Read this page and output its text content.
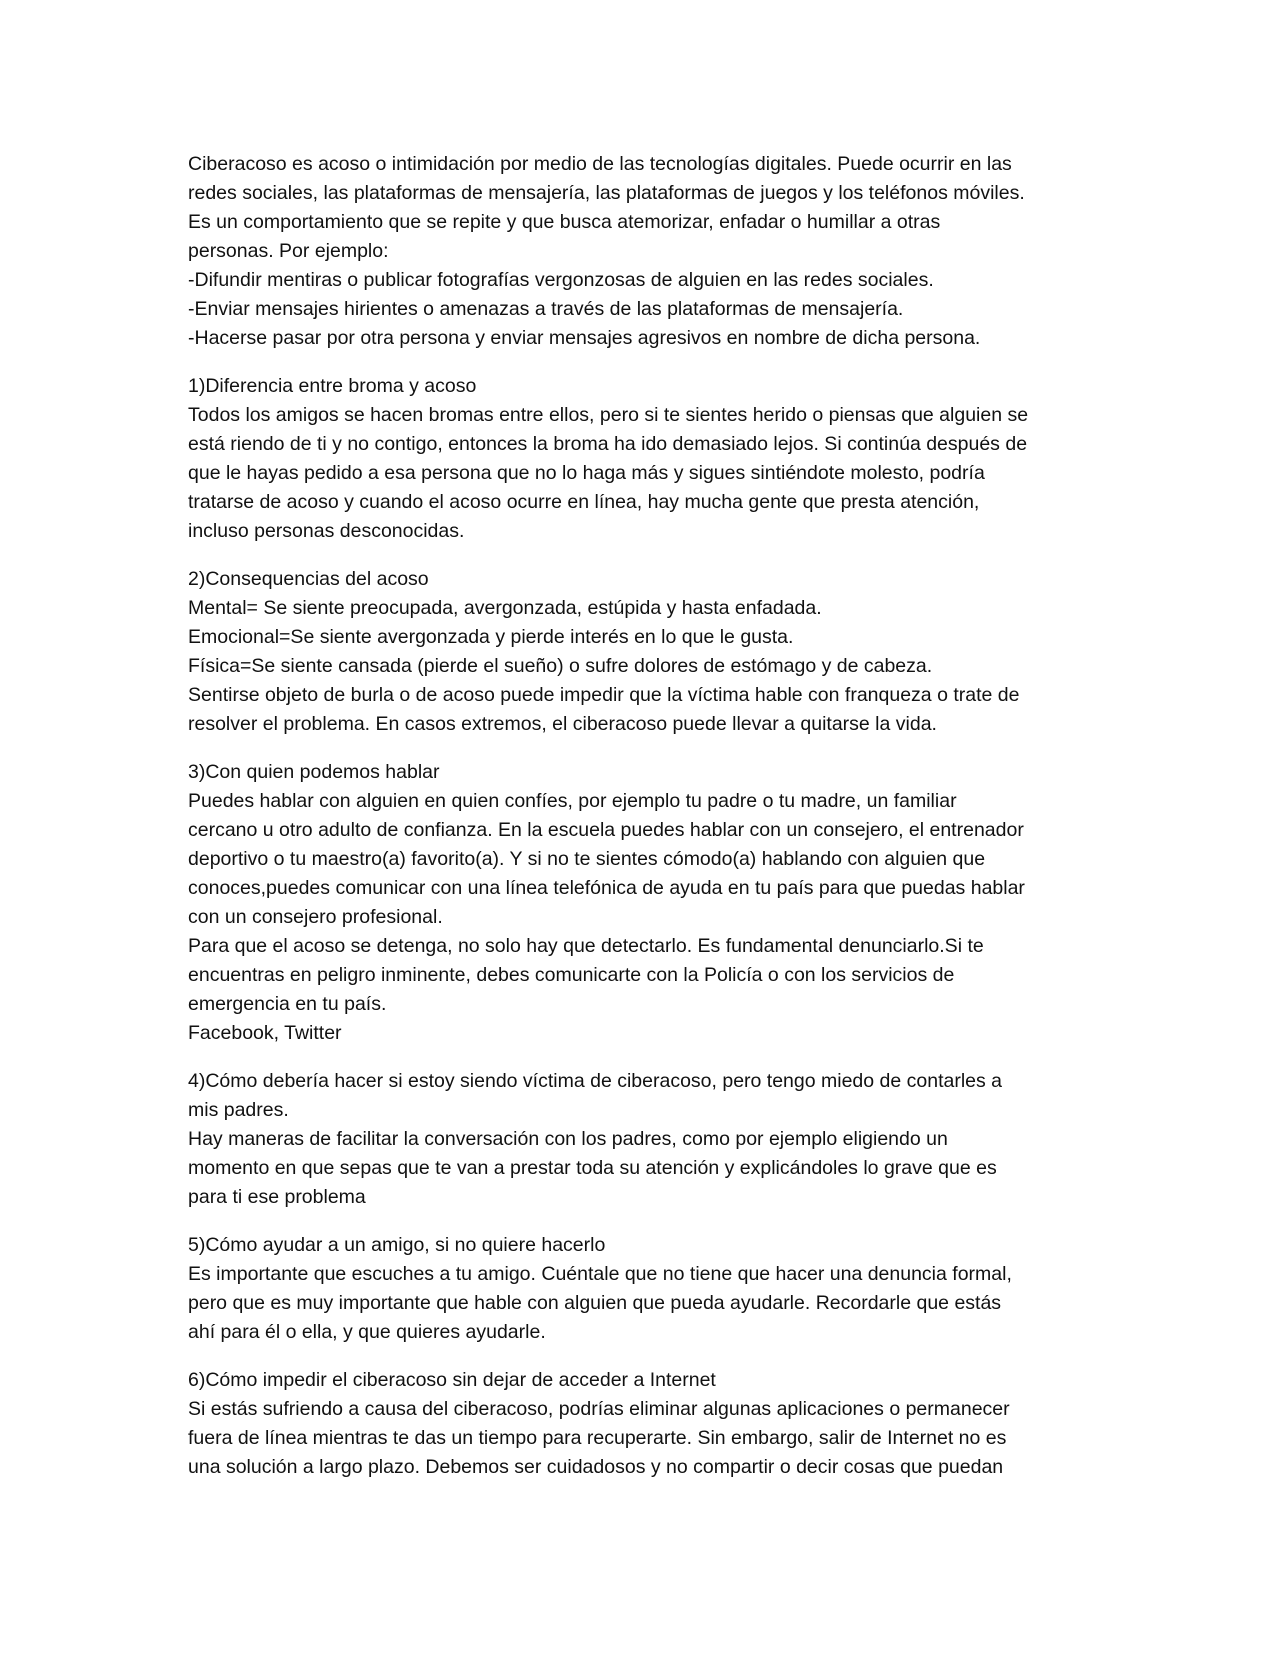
Ciberacoso es acoso o intimidación por medio de las tecnologías digitales. Puede ocurrir en las
redes sociales, las plataformas de mensajería, las plataformas de juegos y los teléfonos móviles.
Es un comportamiento que se repite y que busca atemorizar, enfadar o humillar a otras
personas. Por ejemplo:
-Difundir mentiras o publicar fotografías vergonzosas de alguien en las redes sociales.
-Enviar mensajes hirientes o amenazas a través de las plataformas de mensajería.
-Hacerse pasar por otra persona y enviar mensajes agresivos en nombre de dicha persona.

1)Diferencia entre broma y acoso
Todos los amigos se hacen bromas entre ellos, pero si te sientes herido o piensas que alguien se
está riendo de ti y no contigo, entonces la broma ha ido demasiado lejos. Si continúa después de
que le hayas pedido a esa persona que no lo haga más y sigues sintiéndote molesto, podría
tratarse de acoso y cuando el acoso ocurre en línea, hay mucha gente que presta atención,
incluso personas desconocidas.

2)Consequencias del acoso
Mental= Se siente preocupada, avergonzada, estúpida y hasta enfadada.
Emocional=Se siente avergonzada y pierde interés en lo que le gusta.
Física=Se siente cansada (pierde el sueño) o sufre dolores de estómago y de cabeza.
Sentirse objeto de burla o de acoso puede impedir que la víctima hable con franqueza o trate de
resolver el problema. En casos extremos, el ciberacoso puede llevar a quitarse la vida.

3)Con quien podemos hablar
Puedes hablar con alguien en quien confíes, por ejemplo tu padre o tu madre, un familiar
cercano u otro adulto de confianza. En la escuela puedes hablar con un consejero, el entrenador
deportivo o tu maestro(a) favorito(a). Y si no te sientes cómodo(a) hablando con alguien que
conoces,puedes comunicar con una línea telefónica de ayuda en tu país para que puedas hablar
con un consejero profesional.
Para que el acoso se detenga, no solo hay que detectarlo. Es fundamental denunciarlo.Si te
encuentras en peligro inminente, debes comunicarte con la Policía o con los servicios de
emergencia en tu país.
Facebook, Twitter

4)Cómo debería hacer si estoy siendo víctima de ciberacoso, pero tengo miedo de contarles a
mis padres.
Hay maneras de facilitar la conversación con los padres, como por ejemplo eligiendo un
momento en que sepas que te van a prestar toda su atención y explicándoles lo grave que es
para ti ese problema

5)Cómo ayudar a un amigo, si no quiere hacerlo
Es importante que escuches a tu amigo. Cuéntale que no tiene que hacer una denuncia formal,
pero que es muy importante que hable con alguien que pueda ayudarle. Recordarle que estás
ahí para él o ella, y que quieres ayudarle.

6)Cómo impedir el ciberacoso sin dejar de acceder a Internet
Si estás sufriendo a causa del ciberacoso, podrías eliminar algunas aplicaciones o permanecer
fuera de línea mientras te das un tiempo para recuperarte. Sin embargo, salir de Internet no es
una solución a largo plazo. Debemos ser cuidadosos y no compartir o decir cosas que puedan
